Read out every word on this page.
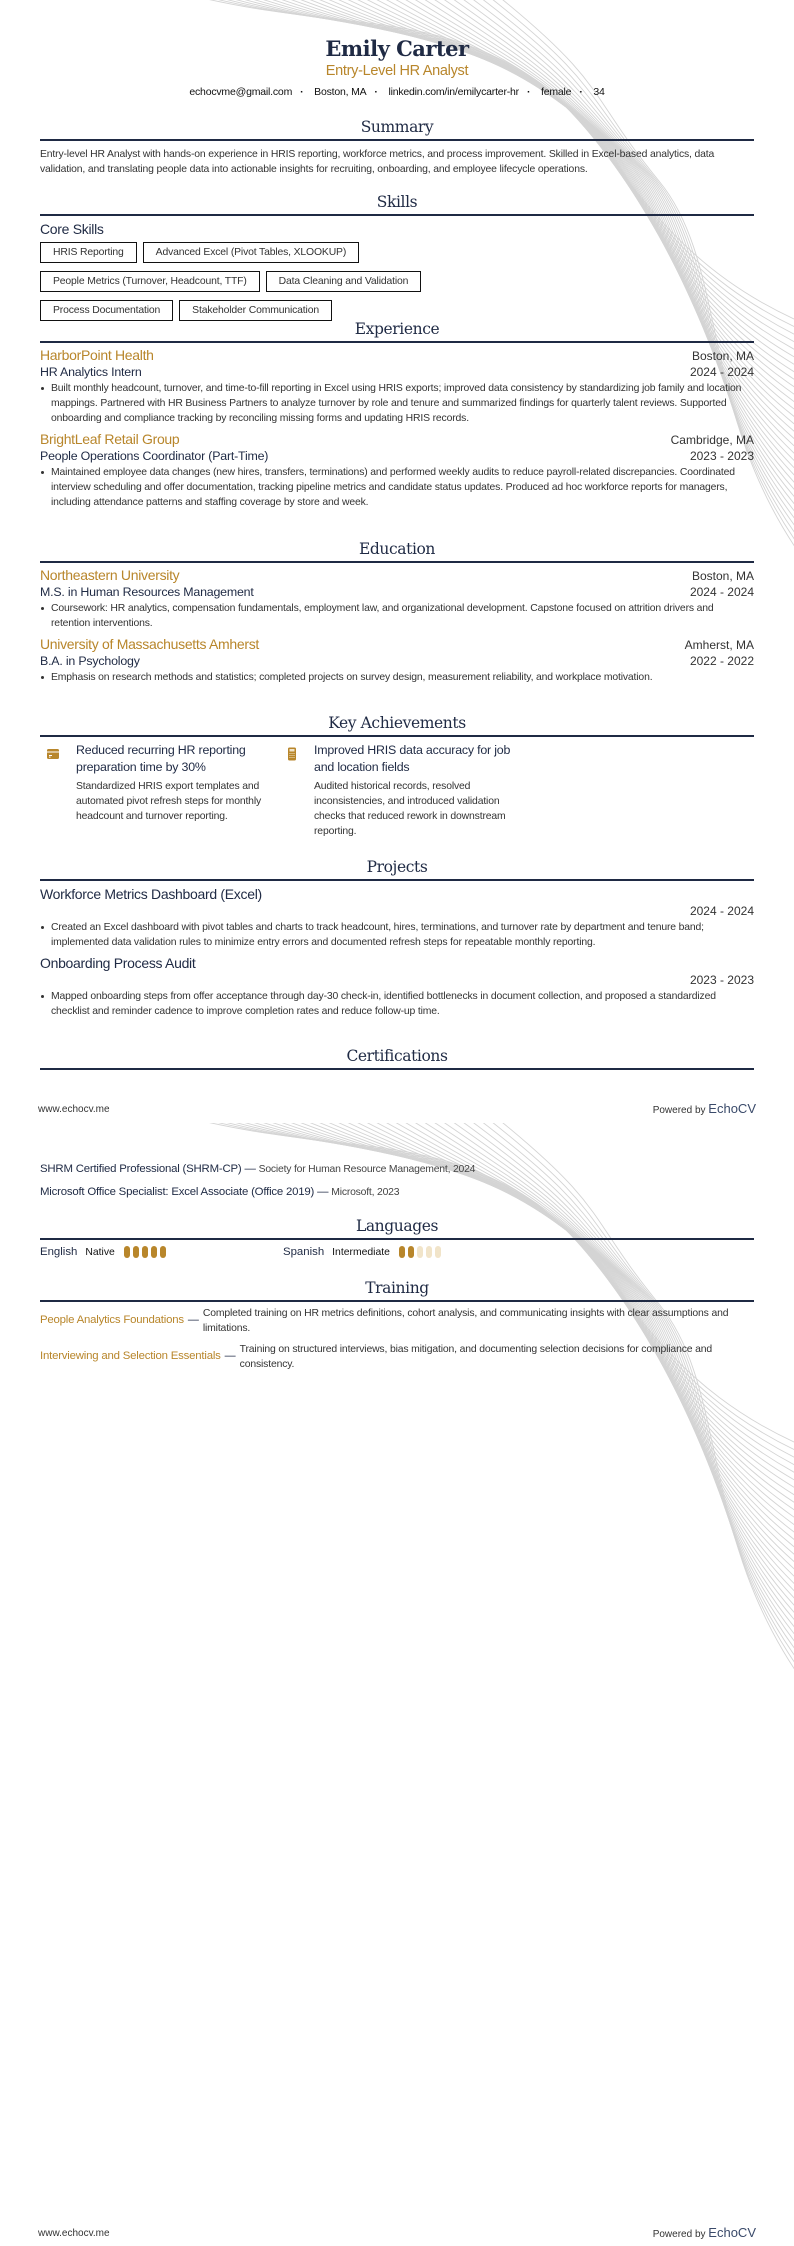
Emily Carter
Entry-Level HR Analyst
echocvme@gmail.com · Boston, MA · linkedin.com/in/emilycarter-hr · female · 34
Summary
Entry-level HR Analyst with hands-on experience in HRIS reporting, workforce metrics, and process improvement. Skilled in Excel-based analytics, data validation, and translating people data into actionable insights for recruiting, onboarding, and employee lifecycle operations.
Skills
Core Skills
HRIS Reporting	Advanced Excel (Pivot Tables, XLOOKUP)
People Metrics (Turnover, Headcount, TTF)	Data Cleaning and Validation
Process Documentation	Stakeholder Communication
Experience
HarborPoint Health	Boston, MA
HR Analytics Intern	2024 - 2024
Built monthly headcount, turnover, and time-to-fill reporting in Excel using HRIS exports; improved data consistency by standardizing job family and location mappings. Partnered with HR Business Partners to analyze turnover by role and tenure and summarized findings for quarterly talent reviews. Supported onboarding and compliance tracking by reconciling missing forms and updating HRIS records.
BrightLeaf Retail Group	Cambridge, MA
People Operations Coordinator (Part-Time)	2023 - 2023
Maintained employee data changes (new hires, transfers, terminations) and performed weekly audits to reduce payroll-related discrepancies. Coordinated interview scheduling and offer documentation, tracking pipeline metrics and candidate status updates. Produced ad hoc workforce reports for managers, including attendance patterns and staffing coverage by store and week.
Education
Northeastern University	Boston, MA
M.S. in Human Resources Management	2024 - 2024
Coursework: HR analytics, compensation fundamentals, employment law, and organizational development. Capstone focused on attrition drivers and retention interventions.
University of Massachusetts Amherst	Amherst, MA
B.A. in Psychology	2022 - 2022
Emphasis on research methods and statistics; completed projects on survey design, measurement reliability, and workplace motivation.
Key Achievements
Reduced recurring HR reporting preparation time by 30%
Standardized HRIS export templates and automated pivot refresh steps for monthly headcount and turnover reporting.
Improved HRIS data accuracy for job and location fields
Audited historical records, resolved inconsistencies, and introduced validation checks that reduced rework in downstream reporting.
Projects
Workforce Metrics Dashboard (Excel)
2024 - 2024
Created an Excel dashboard with pivot tables and charts to track headcount, hires, terminations, and turnover rate by department and tenure band; implemented data validation rules to minimize entry errors and documented refresh steps for repeatable monthly reporting.
Onboarding Process Audit
2023 - 2023
Mapped onboarding steps from offer acceptance through day-30 check-in, identified bottlenecks in document collection, and proposed a standardized checklist and reminder cadence to improve completion rates and reduce follow-up time.
Certifications
www.echocv.me	Powered by EchoCV
SHRM Certified Professional (SHRM-CP) — Society for Human Resource Management, 2024
Microsoft Office Specialist: Excel Associate (Office 2019) — Microsoft, 2023
Languages
English Native	Spanish Intermediate
Training
People Analytics Foundations —
Completed training on HR metrics definitions, cohort analysis, and communicating insights with clear assumptions and limitations.
Interviewing and Selection Essentials —
Training on structured interviews, bias mitigation, and documenting selection decisions for compliance and consistency.
www.echocv.me	Powered by EchoCV
